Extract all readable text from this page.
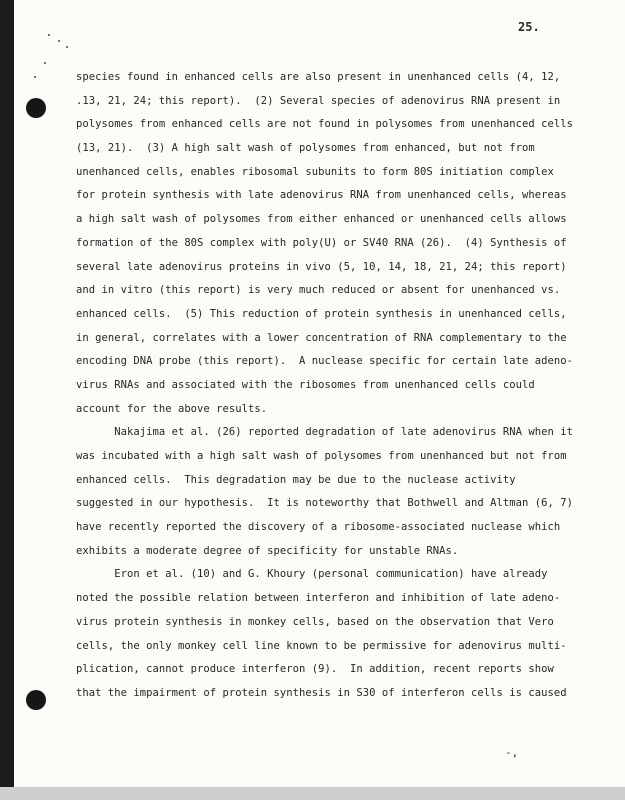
25.
species found in enhanced cells are also present in unenhanced cells (4, 12,
.13, 21, 24; this report).  (2) Several species of adenovirus RNA present in
polysomes from enhanced cells are not found in polysomes from unenhanced cells
(13, 21).  (3) A high salt wash of polysomes from enhanced, but not from
unenhanced cells, enables ribosomal subunits to form 80S initiation complex
for protein synthesis with late adenovirus RNA from unenhanced cells, whereas
a high salt wash of polysomes from either enhanced or unenhanced cells allows
formation of the 80S complex with poly(U) or SV40 RNA (26).  (4) Synthesis of
several late adenovirus proteins in vivo (5, 10, 14, 18, 21, 24; this report)
and in vitro (this report) is very much reduced or absent for unenhanced vs.
enhanced cells.  (5) This reduction of protein synthesis in unenhanced cells,
in general, correlates with a lower concentration of RNA complementary to the
encoding DNA probe (this report).  A nuclease specific for certain late adeno-
virus RNAs and associated with the ribosomes from unenhanced cells could
account for the above results.
Nakajima et al. (26) reported degradation of late adenovirus RNA when it
was incubated with a high salt wash of polysomes from unenhanced but not from
enhanced cells.  This degradation may be due to the nuclease activity
suggested in our hypothesis.  It is noteworthy that Bothwell and Altman (6, 7)
have recently reported the discovery of a ribosome-associated nuclease which
exhibits a moderate degree of specificity for unstable RNAs.
Eron et al. (10) and G. Khoury (personal communication) have already
noted the possible relation between interferon and inhibition of late adeno-
virus protein synthesis in monkey cells, based on the observation that Vero
cells, the only monkey cell line known to be permissive for adenovirus multi-
plication, cannot produce interferon (9).  In addition, recent reports show
that the impairment of protein synthesis in S30 of interferon cells is caused
-,
